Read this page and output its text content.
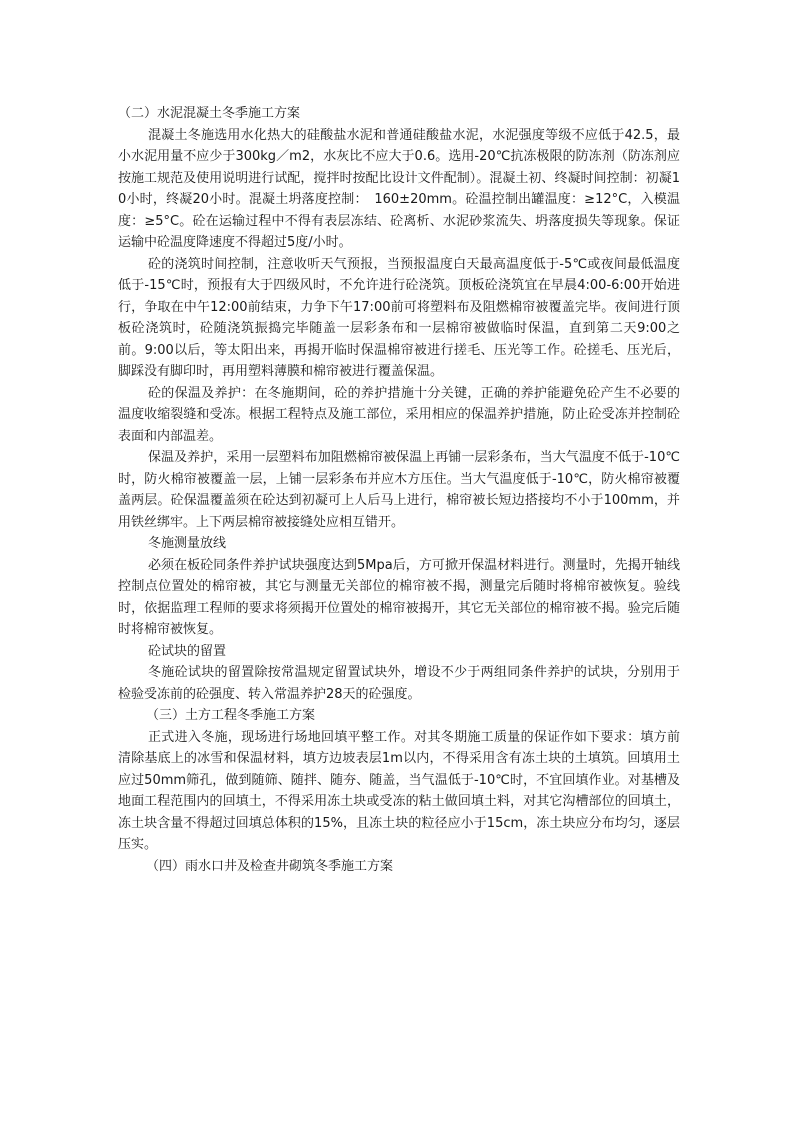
（二）水泥混凝土冬季施工方案

混凝土冬施选用水化热大的硅酸盐水泥和普通硅酸盐水泥，水泥强度等级不应低于42.5，最小水泥用量不应少于300kg／m2，水灰比不应大于0.6。选用-20℃抗冻极限的防冻剂（防冻剂应按施工规范及使用说明进行试配，搅拌时按配比设计文件配制）。混凝土初、终凝时间控制：初凝10小时，终凝20小时。混凝土坍落度控制：　160±20mm。砼温控制出罐温度：≥12°C，入模温度：≥5°C。砼在运输过程中不得有表层冻结、砼离析、水泥砂浆流失、坍落度损失等现象。保证运输中砼温度降速度不得超过5度/小时。

砼的浇筑时间控制，注意收听天气预报，当预报温度白天最高温度低于-5℃或夜间最低温度低于-15℃时，预报有大于四级风时，不允许进行砼浇筑。顶板砼浇筑宜在早晨4:00-6:00开始进行，争取在中午12:00前结束，力争下午17:00前可将塑料布及阻燃棉帘被覆盖完毕。夜间进行顶板砼浇筑时，砼随浇筑振捣完毕随盖一层彩条布和一层棉帘被做临时保温，直到第二天9:00之前。9:00以后，等太阳出来，再揭开临时保温棉帘被进行搓毛、压光等工作。砼搓毛、压光后，脚踩没有脚印时，再用塑料薄膜和棉帘被进行覆盖保温。

砼的保温及养护：在冬施期间，砼的养护措施十分关键，正确的养护能避免砼产生不必要的温度收缩裂缝和受冻。根据工程特点及施工部位，采用相应的保温养护措施，防止砼受冻并控制砼表面和内部温差。

保温及养护，采用一层塑料布加阻燃棉帘被保温上再铺一层彩条布，当大气温度不低于-10℃时，防火棉帘被覆盖一层，上铺一层彩条布并应木方压住。当大气温度低于-10℃，防火棉帘被覆盖两层。砼保温覆盖须在砼达到初凝可上人后马上进行，棉帘被长短边搭接均不小于100mm，并用铁丝绑牢。上下两层棉帘被接缝处应相互错开。

冬施测量放线

必须在板砼同条件养护试块强度达到5Mpa后，方可掀开保温材料进行。测量时，先揭开轴线控制点位置处的棉帘被，其它与测量无关部位的棉帘被不揭，测量完后随时将棉帘被恢复。验线时，依据监理工程师的要求将须揭开位置处的棉帘被揭开，其它无关部位的棉帘被不揭。验完后随时将棉帘被恢复。

砼试块的留置

冬施砼试块的留置除按常温规定留置试块外，增设不少于两组同条件养护的试块，分别用于检验受冻前的砼强度、转入常温养护28天的砼强度。

（三）土方工程冬季施工方案

正式进入冬施，现场进行场地回填平整工作。对其冬期施工质量的保证作如下要求：填方前清除基底上的冰雪和保温材料，填方边坡表层1m以内，不得采用含有冻土块的土填筑。回填用土应过50mm筛孔，做到随筛、随拌、随夯、随盖，当气温低于-10℃时，不宜回填作业。对基槽及地面工程范围内的回填土，不得采用冻土块或受冻的粘土做回填土料，对其它沟槽部位的回填土，冻土块含量不得超过回填总体积的15%，且冻土块的粒径应小于15cm，冻土块应分布均匀，逐层压实。

（四）雨水口井及检查井砌筑冬季施工方案
